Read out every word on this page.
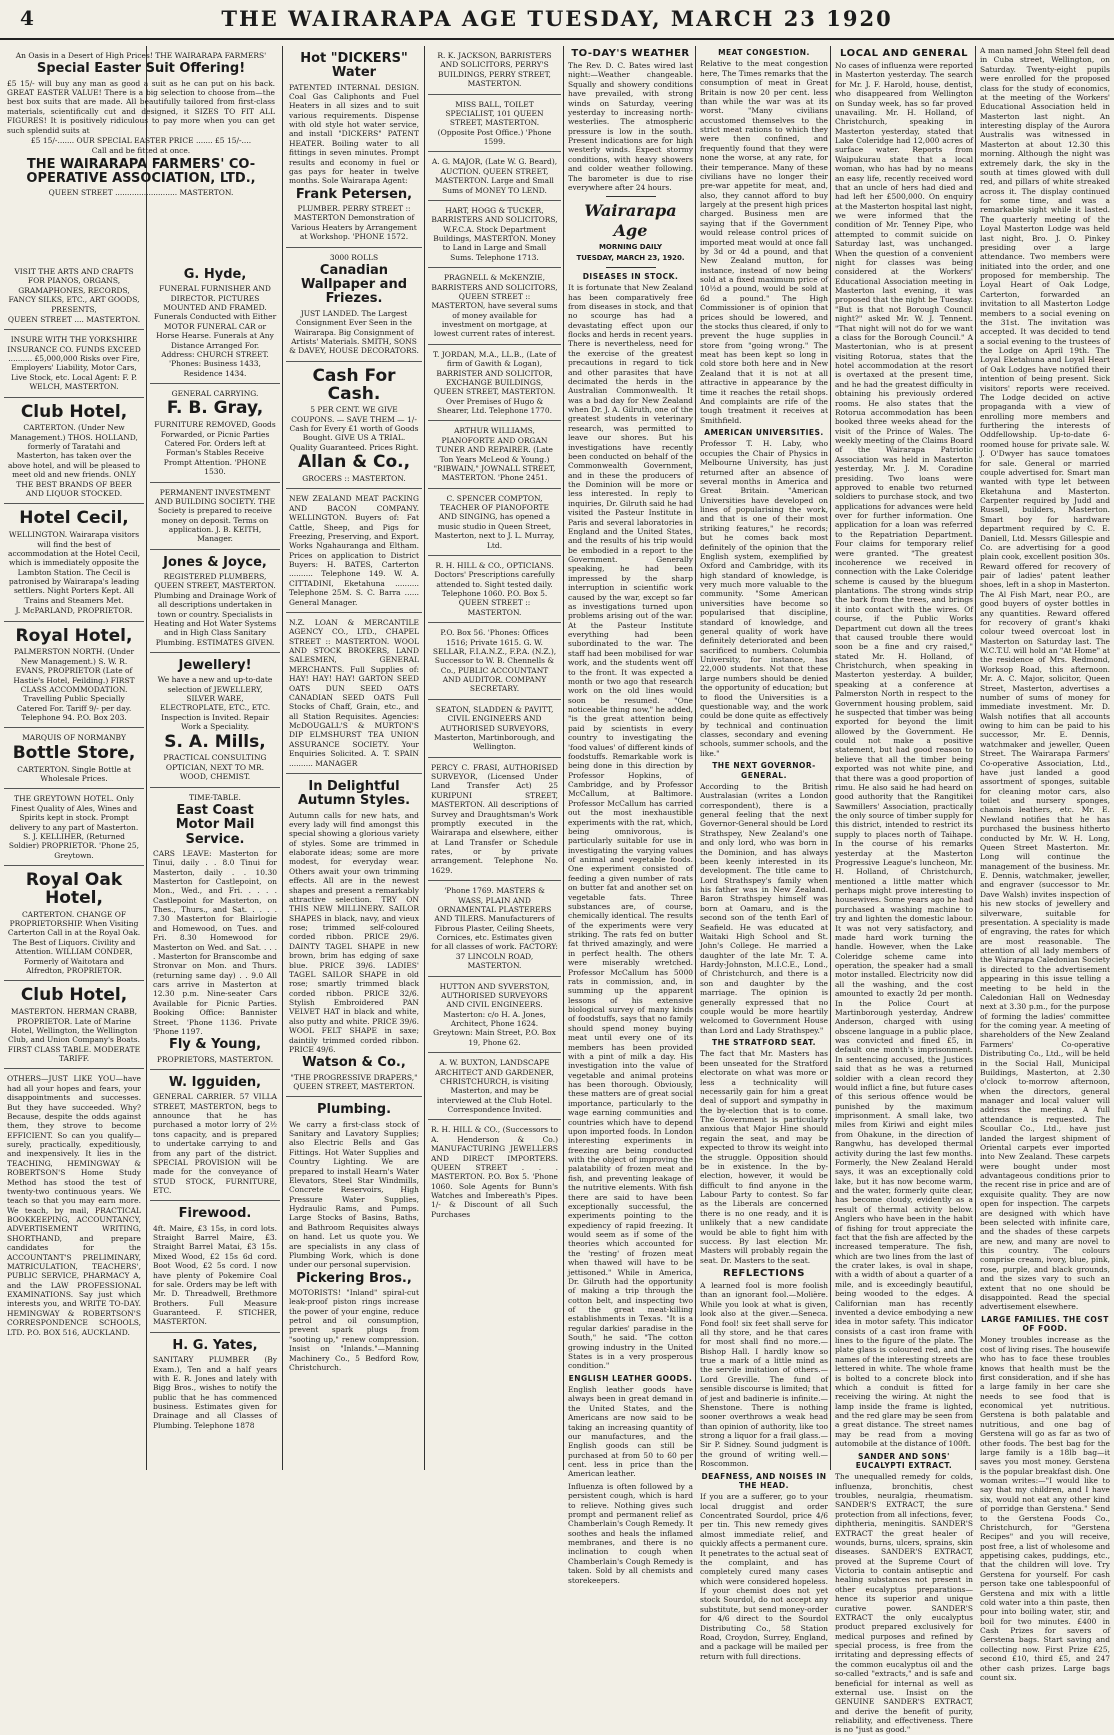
4	THE WAIRARAPA AGE TUESDAY, MARCH 23 1920

An Oasis in a Desert of High Prices! THE WAIRARAPA FARMERS'

Special Easter Suit Offering!

£5 15/- will buy any man as good a suit as he can put on his back. GREAT EASTER VALUE! There is a big selection to choose from—the best box suits that are made. All beautifully tailored from first-class materials, scientifically cut and designed, it SIZES TO FIT ALL FIGURES! It is positively ridiculous to pay more when you can get such splendid suits at

£5 15/-....... OUR SPECIAL EASTER PRICE ....... £5 15/-....

Call and be fitted at once.

THE WAIRARAPA FARMERS' CO-OPERATIVE ASSOCIATION, LTD.,

QUEEN STREET .......................... MASTERTON.

VISIT THE ARTS AND CRAFTS FOR PIANOS, ORGANS, GRAMAPHONES, RECORDS, FANCY SILKS, ETC., ART GOODS, PRESENTS,

QUEEN STREET .... MASTERTON.

INSURE WITH THE YORKSHIRE INSURANCE CO. FUNDS EXCEED .......... £5,000,000 Risks over Fire, Employers' Liability, Motor Cars, Live Stock, etc. Local Agent: F. P. WELCH, MASTERTON.

Club Hotel,

CARTERTON. (Under New Management.) THOS. HOLLAND, formerly of Taratahi and Masterton, has taken over the above hotel, and will be pleased to meet old and new friends. ONLY THE BEST BRANDS OF BEER AND LIQUOR STOCKED.

Hotel Cecil,

WELLINGTON. Wairarapa visitors will find the best of accommodation at the Hotel Cecil, which is immediately opposite the Lambton Station. The Cecil is patronised by Wairarapa's leading settlers. Night Porters Kept. All Trains and Steamers Met.

J. McPARLAND, PROPRIETOR.

Royal Hotel,

PALMERSTON NORTH. (Under New Management.) S. W. R. EVANS, PROPRIETOR (Late of Hastie's Hotel, Feilding.) FIRST CLASS ACCOMMODATION. Travelling Public Specially Catered For. Tariff 9/- per day. Telephone 94. P.O. Box 203.

MARQUIS OF NORMANBY

Bottle Store,

CARTERTON. Single Bottle at Wholesale Prices.

THE GREYTOWN HOTEL. Only Finest Quality of Ales, Wines and Spirits kept in stock. Prompt delivery to any part of Masterton. S. J. KELLIHER, (Returned Soldier) PROPRIETOR. 'Phone 25, Greytown.

Royal Oak Hotel,

CARTERTON. CHANGE OF PROPRIETORSHIP. When Visiting Carterton Call in at the Royal Oak. The Best of Liquors. Civility and Attention. WILLIAM CONDER, Formerly of Waitotara and Alfredton, PROPRIETOR.

Club Hotel,

MASTERTON. HERMAN CRABB, PROPRIETOR. Late of Marine Hotel, Wellington, the Wellington Club, and Union Company's Boats. FIRST CLASS TABLE. MODERATE TARIFF.

OTHERS—JUST LIKE YOU—have had all your hopes and fears, your disappointments and successes. But they have succeeded. Why? Because, despite the odds against them, they strove to become EFFICIENT. So can you qualify—surely, practically, expeditiously, and inexpensively. It lies in the TEACHING, HEMINGWAY & ROBERTSON'S Home Study Method has stood the test of twenty-two continuous years. We teach so that you may earn more. We teach, by mail, PRACTICAL BOOKKEEPING, ACCOUNTANCY, ADVERTISEMENT WRITING, SHORTHAND, and prepare candidates for the ACCOUNTANT'S PRELIMINARY, MATRICULATION, TEACHERS', PUBLIC SERVICE, PHARMACY A, and the LAW PROFESSIONAL EXAMINATIONS. Say just which interests you, and WRITE TO-DAY. HEMINGWAY & ROBERTSON'S CORRESPONDENCE SCHOOLS, LTD. P.O. BOX 516, AUCKLAND.

G. Hyde,

FUNERAL FURNISHER AND DIRECTOR. PICTURES MOUNTED AND FRAMED. Funerals Conducted with Either MOTOR FUNERAL CAR or Horse Hearse. Funerals at Any Distance Arranged For. Address: CHURCH STREET. 'Phones: Business 1433, Residence 1434.

GENERAL CARRYING.

F. B. Gray,

FURNITURE REMOVED, Goods Forwarded, or Picnic Parties Catered For. Orders left at Forman's Stables Receive Prompt Attention. 'PHONE 1530.

PERMANENT INVESTMENT AND BUILDING SOCIETY. THE Society is prepared to receive money on deposit. Terms on application. J. B. KEITH, Manager.

Jones & Joyce,

REGISTERED PLUMBERS, QUEEN STREET, MASTERTON. Plumbing and Drainage Work of all descriptions undertaken in town or country. Specialists in Heating and Hot Water Systems and in High Class Sanitary Plumbing. ESTIMATES GIVEN.

Jewellery!

We have a new and up-to-date selection of JEWELLERY, SILVER WARE, ELECTROPLATE, ETC., ETC. Inspection is Invited. Repair Work a Speciality.

S. A. Mills,

PRACTICAL CONSULTING OPTICIAN, NEXT TO MR. WOOD, CHEMIST.

TIME-TABLE.

East Coast Motor Mail Service.

CARS LEAVE: Masterton for Tinui, daily . . 8.0 Tinui for Masterton, daily . . 10.30 Masterton for Castlepoint, on Mon., Wed., and Fri. . . . . Castlepoint for Masterton, on Thes., Thurs., and Sat. . . . . 7.30 Masterton for Blairlogie and Homewood, on Tues. and Fri. 8.30 Homewood for Masterton on Wed. and Sat. . . . . Masterton for Branscombe and Stronvar on Mon. and Thurs. (returning same day) . . 9.0 All cars arrive in Masterton at 12.30 p.m. Nine-seater Cars Available for Picnic Parties. Booking Office: Bannister Street. 'Phone 1136. Private 'Phone 1197.

Fly & Young,

PROPRIETORS, MASTERTON.

W. Igguiden,

GENERAL CARRIER. 57 VILLA STREET, MASTERTON, begs to announce that he has purchased a motor lorry of 2½ tons capacity, and is prepared to undertake carrying to and from any part of the district. SPECIAL PROVISION will be made for the conveyance of STUD STOCK, FURNITURE, ETC.

Firewood.

4ft. Maire, £3 15s, in cord lots. Straight Barrel Maire, £3. Straight Barrel Matai, £3 15s. Mixed Wood, £2 15s 6d cord. Boot Wood, £2 5s cord. I now have plenty of Pokemire Coal for sale. Orders may be left with Mr. D. Threadwell, Brethmore Brothers. Full Measure Guaranteed. F. STICHER, MASTERTON.

H. G. Yates,

SANITARY PLUMBER (By Exam.), Ten and a half years with E. R. Jones and lately with Bigg Bros., wishes to notify the public that he has commenced business. Estimates given for Drainage and all Classes of Plumbing. Telephone 1878

Hot "DICKERS" Water

PATENTED INTERNAL DESIGN. Coal Gas Caliphonts and Fuel Heaters in all sizes and to suit various requirements. Dispense with old style hot water service, and install "DICKERS" PATENT HEATER. Boiling water to all fittings in seven minutes. Prompt results and economy in fuel or gas pays for heater in twelve months. Sole Wairarapa Agent:

Frank Petersen,

PLUMBER. PERRY STREET :: MASTERTON Demonstration of Various Heaters by Arrangement at Workshop. 'PHONE 1572.

3000 ROLLS

Canadian Wallpaper and Friezes.

JUST LANDED. The Largest Consignment Ever Seen in the Wairarapa. Big Consignment of Artists' Materials. SMITH, SONS & DAVEY, HOUSE DECORATORS.

Cash For Cash.

5 PER CENT. WE GIVE COUPONS. — SAVE THEM — 1/- Cash for Every £1 worth of Goods Bought. GIVE US A TRIAL. Quality Guaranteed. Prices Right.

Allan & Co.,

GROCERS :: MASTERTON.

NEW ZEALAND MEAT PACKING AND BACON COMPANY. WELLINGTON. Buyers of: Fat Cattle, Sheep, and Pigs for Freezing, Preserving, and Export. Works Ngahauranga and Eltham. Prices on application to District Buyers: H. BATES, Carterton .......... Telephone 149. W. A. CITTADINI, Eketahuna .......... Telephone 25M. S. C. Barra ...... General Manager.

N.Z. LOAN & MERCANTILE AGENCY CO., LTD., CHAPEL STREET :: MASTERTON. WOOL AND STOCK BROKERS, LAND SALESMEN, GENERAL MERCHANTS. Full Supplies of: HAY! HAY! HAY! GARTON SEED OATS DUN SEED OATS CANADIAN SEED OATS Full Stocks of Chaff, Grain, etc., and all Station Requisites. Agencies: McDOUGALL'S & MURTON'S DIP ELMSHURST TEA UNION ASSURANCE SOCIETY. Your Enquiries Solicited. A. T. SPAIN .......... MANAGER

In Delightful Autumn Styles.

Autumn calls for new hats, and every lady will find amongst this special showing a glorious variety of styles. Some are trimmed in elaborate ideas; some are more modest, for everyday wear. Others await your own trimming effects. All are in the newest shapes and present a remarkably attractive selection. TRY ON THIS NEW MILLINERY. SAILOR SHAPES in black, navy, and vieux rose; trimmed self-coloured corded ribbon. PRICE 29/6. DAINTY TAGEL SHAPE in new brown, brim has edging of saxe blue. PRICE 39/6. LADIES' TAGEL SAILOR SHAPE in old rose; smartly trimmed black corded ribbon. PRICE 32/6. Stylish Embroidered PAN VELVET HAT in black and white, also putty and white. PRICE 39/6. WOOL FELT SHAPE in saxe; daintily trimmed corded ribbon. PRICE 49/6.

Watson & Co.,

"THE PROGRESSIVE DRAPERS," QUEEN STREET, MASTERTON.

Plumbing.

We carry a first-class stock of Sanitary and Lavatory Supplies; also Electric Bells and Gas Fittings. Hot Water Supplies and Country Lighting. We are prepared to install Hearn's Water Elevators, Steel Star Windmills, Concrete Reservoirs, High Pressure Water Supplies, Hydraulic Rams, and Pumps. Large Stocks of Basins, Baths, and Bathroom Requisites always on hand. Let us quote you. We are specialists in any class of Plumbing Work, which is done under our personal supervision.

Pickering Bros.,

MOTORISTS! "Inland" spiral-cut leak-proof piston rings increase the power of your engine, reduce petrol and oil consumption, prevent spark plugs from "sooting up," renew compression. Insist on "Inlands."—Manning Machinery Co., 5 Bedford Row, Christchurch.

R. K. JACKSON, BARRISTERS AND SOLICITORS, PERRY'S BUILDINGS, PERRY STREET, MASTERTON.

MISS BALL, TOILET SPECIALIST, 101 QUEEN STREET, MASTERTON. (Opposite Post Office.) 'Phone 1599.

A. G. MAJOR, (Late W. G. Beard), AUCTION. QUEEN STREET, MASTERTON. Large and Small Sums of MONEY TO LEND.

HART, HOGG & TUCKER, BARRISTERS AND SOLICITORS, W.F.C.A. Stock Department Buildings, MASTERTON. Money to Land in Large and Small Sums. Telephone 1713.

PRAGNELL & McKENZIE, BARRISTERS AND SOLICITORS, QUEEN STREET :: MASTERTON, have several sums of money available for investment on mortgage, at lowest current rates of interest.

T. JORDAN, M.A., LL.B., (Late of firm of Gawith & Logan), BARRISTER AND SOLICITOR, EXCHANGE BUILDINGS, QUEEN STREET, MASTERTON. Over Premises of Hugo & Shearer, Ltd. Telephone 1770.

ARTHUR WILLIAMS, PIANOFORTE AND ORGAN TUNER AND REPAIRER. (Late Ton Years McLeod & Young.) "RIBWAIN," JOWNALL STREET, MASTERTON. 'Phone 2451.

C. SPENCER COMPTON, TEACHER OF PIANOFORTE AND SINGING, has opened a music studio in Queen Street, Masterton, next to J. L. Murray, Ltd.

R. H. HILL & CO., OPTICIANS. Doctors' Prescriptions carefully attended to. Sight tested daily. Telephone 1060. P.O. Box 5. QUEEN STREET :: MASTERTON.

P.O. Box 56. 'Phones: Offices 1516; Private 1615. G. W. SELLAR, F.I.A.N.Z., F.P.A. (N.Z.), Successor to W. B. Chennells & Co., PUBLIC ACCOUNTANT AND AUDITOR. COMPANY SECRETARY.

SEATON, SLADDEN & PAVITT, CIVIL ENGINEERS AND AUTHORISED SURVEYORS, Masterton, Martinborough, and Wellington.

PERCY C. FRASI, AUTHORISED SURVEYOR, (Licensed Under Land Transfer Act) 25 KURIPUNI STREET, MASTERTON. All descriptions of Survey and Draughtsman's Work promptly executed in the Wairarapa and elsewhere, either at Land Transfer or Schedule rates, or by private arrangement. Telephone No. 1629.

'Phone 1769. MASTERS & WASS, PLAIN AND ORNAMENTAL PLASTERERS AND TILERS. Manufacturers of Fibrous Plaster, Ceiling Sheets, Cornices, etc. Estimates given for all classes of work. FACTORY: 37 LINCOLN ROAD, MASTERTON.

HUTTON AND SYVERSTON, AUTHORISED SURVEYORS AND CIVIL ENGINEERS. Masterton: c/o H. A. Jones, Architect, Phone 1624. Greytown: Main Street, P.O. Box 19, Phone 62.

A. W. BUXTON, LANDSCAPE ARCHITECT AND GARDENER, CHRISTCHURCH, is visiting Masterton, and may be interviewed at the Club Hotel. Correspondence Invited.

R. H. HILL & CO., (Successors to A. Henderson & Co.) MANUFACTURING JEWELLERS AND DIRECT IMPORTERS. QUEEN STREET . . . MASTERTON. P.O. Box 5. 'Phone 1060. Sole Agents for Bunn's Watches and Imbereath's Pipes. 1/- & Discount of all Such Purchases

TO-DAY'S WEATHER

The Rev. D. C. Bates wired last night:—Weather changeable. Squally and showery conditions have prevailed, with strong winds on Saturday, veering yesterday to increasing north-westerlies. The atmospheric pressure is low in the south. Present indications are for high westerly winds. Expect stormy conditions, with heavy showers and colder weather following. The barometer is due to rise everywhere after 24 hours.

Wairarapa Age
MORNING DAILY
TUESDAY, MARCH 23, 1920.
DISEASES IN STOCK.

It is fortunate that New Zealand has been comparatively free from diseases in stock, and that no scourge has had a devastating effect upon our flocks and herds in recent years. There is nevertheless, need for the exercise of the greatest precautions in regard to tick and other parasites that have decimated the herds in the Australian Commonwealth. It was a bad day for New Zealand when Dr. J. A. Gilruth, one of the greatest students in veterinary research, was permitted to leave our shores. But his investigations have recently been conducted on behalf of the Commonwealth Government, and in these the producers of the Dominion will be more or less interested. In reply to inquiries, Dr. Gilruth said he had visited the Pasteur Institute in Paris and several laboratories in England and the United States, and the results of his trip would be embodied in a report to the Government. Generally speaking, he had been impressed by the sharp interruption in scientific work caused by the war, except so far as investigations turned upon problems arising out of the war. At the Pasteur Institute everything had been subordinated to the war. The staff had been mobilised for war work, and the students went off to the front. It was expected a month or two ago that research work on the old lines would soon be resumed. "One noticeable thing now," he added, "is the great attention being paid by scientists in every country to investigating the 'food values' of different kinds of foodstuffs. Remarkable work is being done in this direction by Professor Hopkins, of Cambridge, and by Professor McCallum, at Baltimore. Professor McCallum has carried out the most inexhaustible experiments with the rat, which, being omnivorous, is particularly suitable for use in investigating the varying values of animal and vegetable foods. One experiment consisted of feeding a given number of rats on butter fat and another set on vegetable fats. Three substances are, of course, chemically identical. The results of the experiments were very striking. The rats fed on butter fat thrived amazingly, and were in perfect health. The others were miserably wretched. Professor McCallum has 5000 rats in commission, and, in summing up the apparent lessons of his extensive biological survey of many kinds of foodstuffs, says that no family should spend money buying meat until every one of its members has been provided with a pint of milk a day. His investigation into the value of vegetable and animal proteins has been thorough. Obviously, these matters are of great social importance, particularly to the wage earning communities and countries which have to depend upon imported foods. In London interesting experiments in freezing are being conducted with the object of improving the palatability of frozen meat and fish, and preventing leakage of the nutritive elements. With fish there are said to have been exceptionally successful, the experiments pointing to the expediency of rapid freezing. It would seem as if some of the theories which accounted for the 'resting' of frozen meat when thawed will have to be jettisoned." While in America, Dr. Gilruth had the opportunity of making a trip through the cotton belt, and inspecting two of the great meat-killing establishments in Texas. "It is a regular darkies' paradise in the South," he said. "The cotton growing industry in the United States is in a very prosperous condition."

ENGLISH LEATHER GOODS.

English leather goods have always been in great demand in the United States, and the Americans are now said to be taking an increasing quantity of our manufactures, and the English goods can still be purchased at from 50 to 60 per cent. less in price than the American leather.

Influenza is often followed by a persistent cough, which is hard to relieve. Nothing gives such prompt and permanent relief as Chamberlain's Cough Remedy. It soothes and heals the inflamed membranes, and there is no inclination to cough when Chamberlain's Cough Remedy is taken. Sold by all chemists and storekeepers.

MEAT CONGESTION.

Relative to the meat congestion here, The Times remarks that the consumption of meat in Great Britain is now 20 per cent. less than while the war was at its worst. "Many civilians accustomed themselves to the strict meat rations to which they were then confined, and frequently found that they were none the worse, at any rate, for their temperance. Many of these civilians have no longer their pre-war appetite for meat, and, also, they cannot afford to buy largely at the present high prices charged. Business men are saying that if the Government would release control prices of imported meat would at once fall by 3d or 4d a pound, and that New Zealand mutton, for instance, instead of now being sold at a fixed maximum price of 10½d a pound, would be sold at 6d a pound." The High Commissioner is of opinion that prices should be lowered, and the stocks thus cleared, if only to prevent the huge supplies in store from "going wrong." The meat has been kept so long in cold store both here and in New Zealand that it is not at all attractive in appearance by the time it reaches the retail shops. And complaints are rife of the tough treatment it receives at Smithfield.

AMERICAN UNIVERSITIES.

Professor T. H. Laby, who occupies the Chair of Physics in Melbourne University, has just returned after an absence of several months in America and Great Britain. "American Universities have developed on lines of popularising the work, and that is one of their most striking features," he records; but he comes back most definitely of the opinion that the English system, exemplified by Oxford and Cambridge, with its high standard of knowledge, is very much more valuable to the community. "Some American universities have become so popularised that discipline, standard of knowledge, and general quality of work have definitely deteriorated and been sacrificed to numbers. Columbia University, for instance, has 22,000 students. Not that these large numbers should be denied the opportunity of education; but to flood the Universities is a questionable way, and the work could be done quite as effectively by technical and continuation classes, secondary and evening schools, summer schools, and the like."

THE NEXT GOVERNOR-GENERAL.

According to the British Australasian (writes a London correspondent), there is a general feeling that the next Governor-General should be Lord Strathspey, New Zealand's one and only lord, who was born in the Dominion, and has always been keenly interested in its development. The title came to Lord Strathspey's family when his father was in New Zealand. Baron Strathspey himself was born at Oamaru, and is the second son of the tenth Earl of Seafield. He was educated at Waitaki High School and St. John's College. He married a daughter of the late Mr. T. A. Hardy-Johnston, M.I.C.E., Lond., of Christchurch, and there is a son and daughter by the marriage. The opinion is generally expressed that no couple would be more heartily welcomed to Government House than Lord and Lady Strathspey."

THE STRATFORD SEAT.

The fact that Mr. Masters has been unseated for the Stratford electorate on what was more or less a technicality will necessarily gain for him a great deal of support and sympathy in the by-election that is to come. The Government is particularly anxious that Major Hine should regain the seat, and may be expected to throw its weight into the struggle. Opposition should be in existence. In the by-election, however, it would be difficult to find anyone in the Labour Party to contest. So far as the Liberals are concerned there is no one ready, and it is unlikely that a new candidate would be able to fight him with success. By last election Mr. Masters will probably regain the seat. Dr. Masters to the seat.

REFLECTIONS

A learned fool is more foolish than an ignorant fool.—Molière. While you look at what is given, look also at the giver.—Seneca. Fond fool! six feet shall serve for all thy store, and he that cares for most shall find no more.—Bishop Hall. I hardly know so true a mark of a little mind as the servile imitation of others.—Lord Greville. The fund of sensible discourse is limited; that of jest and badinerie is infinite.—Shenstone. There is nothing sooner overthrows a weak head than opinion of authority, like too strong a liquor for a frail glass.—Sir P. Sidney. Sound judgment is the ground of writing well.—Roscommon.

DEAFNESS, AND NOISES IN THE HEAD.

If you are a sufferer, go to your local druggist and order Concentrated Sourdol, price 4/6 per tin. This new remedy gives almost immediate relief, and quickly affects a permanent cure. It penetrates to the actual seat of the complaint, and has completely cured many cases which were considered hopeless. If your chemist does not yet stock Sourdol, do not accept any substitute, but send money-order for 4/6 direct to the Sourdol Distributing Co., 58 Station Road, Croydon, Surrey, England, and a package will be mailed per return with full directions.

LOCAL AND GENERAL

No cases of influenza were reported in Masterton yesterday. The search for Mr. J. F. Harold, house, dentist, who disappeared from Wellington on Sunday week, has so far proved unavailing. Mr. H. Holland, of Christchurch, speaking in Masterton yesterday, stated that Lake Coleridge had 12,000 acres of surface water. Reports from Waipukurau state that a local woman, who has had by no means an easy life, recently received word that an uncle of hers had died and had left her £500,000. On enquiry at the Masterton hospital last night, we were informed that the condition of Mr. Tenney Pipe, who attempted to commit suicide on Saturday last, was unchanged. When the question of a convenient night for classes was being considered at the Workers' Educational Association meeting in Masterton last evening, it was proposed that the night be Tuesday. "But is that not Borough Council night?" asked Mr. W. J. Tennent. "That night will not do for we want a class for the Borough Council." A Mastertonian, who is at present visiting Rotorua, states that the hotel accommodation at the resort is overtaxed at the present time, and he had the greatest difficulty in obtaining his previously ordered rooms. He also states that the Rotorua accommodation has been booked three weeks ahead for the visit of the Prince of Wales. The weekly meeting of the Claims Board of the Wairarapa Patriotic Association was held in Masterton yesterday, Mr. J. M. Coradine presiding. Two loans were approved to enable two returned soldiers to purchase stock, and two applications for advances were held over for further information. One application for a loan was referred to the Repatriation Department. Four claims for temporary relief were granted. "The greatest incoherence we received in connection with the Lake Coleridge scheme is caused by the bluegum plantations. The strong winds strip the bark from the trees, and brings it into contact with the wires. Of course, if the Public Works Department cut down all the trees that caused trouble there would soon be a fine and cry raised," stated Mr. H. Holland, of Christchurch, when speaking in Masterton yesterday. A builder, speaking at a conference at Palmerston North in respect to the Government housing problem, said he suspected that timber was being exported for beyond the limit allowed by the Government. He could not make a positive statement, but had good reason to believe that all the timber being exported was not white pine, and that there was a good proportion of rimu. He also said he had heard on good authority that the Rangitikei Sawmillers' Association, practically the only source of timber supply for this district, intended to restrict its supply to places north of Taihape. In the course of his remarks yesterday at the Masterton Progressive League's luncheon, Mr. H. Holland, of Christchurch, mentioned a little matter which perhaps might prove interesting to housewives. Some years ago he had purchased a washing machine to try and lighten the domestic labour. It was not very satisfactory, and made hard work turning the handle. However, when the Lake Coleridge scheme came into operation, the speaker had a small motor installed. Electricity now did all the washing, and the cost amounted to exactly 2d per month. In the Police Court at Martinborough yesterday, Andrew Anderson, charged with using obscene language in a public place, was convicted and fined £5, in default one month's imprisonment. In sentencing accused, the Justices said that as he was a returned soldier with a clean record they would inflict a fine, but future cases of this serious offence would be punished by the maximum imprisonment. A small lake, two miles from Kiriwi and eight miles from Ohakune, in the direction of Rangwhu, has developed thermal activity during the last few months. Formerly, the New Zealand Herald says, it was an exceptionally cold lake, but it has now become warm, and the water, formerly quite clear, has become cloudy, evidently as a result of thermal activity below. Anglers who have been in the habit of fishing for trout appreciate the fact that the fish are affected by the increased temperature. The fish, which are two lines from the last of the crater lakes, is oval in shape, with a width of about a quarter of a mile, and is exceedingly beautiful, being wooded to the edges. A Californian man has recently invented a device embodying a new idea in motor safety. This indicator consists of a cast iron frame with lines to the figure of the plate. The plate glass is coloured red, and the names of the interesting streets are lettered in white. The whole frame is bolted to a concrete block into which a conduit is fitted for receiving the wiring. At night the lamp inside the frame is lighted, and the red glare may be seen from a great distance. The street names may be read from a moving automobile at the distance of 100ft.

SANDER AND SONS' EUCALYPTI EXTRACT.

The unequalled remedy for colds, influenza, bronchitis, chest troubles, neuralgia, rheumatism. SANDER'S EXTRACT, the sure protection from all infections, fever, diphtheria, meningitis. SANDER'S EXTRACT the great healer of wounds, burns, ulcers, sprains, skin diseases. SANDER'S EXTRACT, proved at the Supreme Court of Victoria to contain antiseptic and healing substances not present in other eucalyptus preparations—hence its superior and unique curative power. SANDER'S EXTRACT the only eucalyptus product prepared exclusively for medical purposes and refined by special process, is free from the irritating and depressing effects of the common eucalyptus oil and the so-called "extracts," and is safe and beneficial for internal as well as external use. Insist on the GENUINE SANDER'S EXTRACT, and derive the benefit of purity, reliability, and effectiveness. There is no "just as good."

A man named John Steel fell dead in Cuba street, Wellington, on Saturday. Twenty-eight pupils were enrolled for the proposed class for the study of economics, at the meeting of the Workers' Educational Association held in Masterton last night. An interesting display of the Aurora Australis was witnessed in Masterton at about 12.30 this morning. Although the night was extremely dark, the sky in the south at times glowed with dull red, and pillars of white streaked across it. The display continued for some time, and was a remarkable sight while it lasted. The quarterly meeting of the Loyal Masterton Lodge was held last night, Bro. J. O. Pinkey presiding over a large attendance. Two members were initiated into the order, and one proposed for membership. The Loyal Heart of Oak Lodge, Carterton, forwarded an invitation to all Masterton Lodge members to a social evening on the 31st. The invitation was accepted. It was decided to tend a social evening to the trustees of the Lodge on April 19th. The Loyal Eketahuna and Loyal Heart of Oak Lodges have notified their intention of being present. Sick visitors' reports were received. The Lodge decided on active propaganda with a view of enrolling more members and furthering the interests of Oddfellowship. Up-to-date 6-roomed house for private sale. W. J. O'Dwyer has sauce tomatoes for sale. General or married couple advertised for. Smart man wanted with type let between Eketahuna and Masterton. Carpenter required by Judd and Russell, builders, Masterton. Smart boy for hardware department required by C. E. Daniell, Ltd. Messrs Gillespie and Co. are advertising for a good plain cook, excellent position 30s. Reward offered for recovery of pair of ladies' patent leather shoes, left in a shop in Masterton. The Al Fish Mart, near P.O., are good buyers of oyster bottles in any quantities. Reward offered for recovery of grant's khaki colour tweed overcoat lost in Masterton on Saturday last. The W.C.T.U. will hold an "At Home" at the residence of Mrs. Redmond, Worksop Road, this afternoon. Mr. A. C. Major, solicitor, Queen Street, Masterton, advertises a number of sums of money for immediate investment. Mr. D. Walsh notifies that all accounts owing to him can be paid to his successor, Mr. E. Dennis, watchmaker and jeweller, Queen Street. The Wairarapa Farmers' Co-operative Association, Ltd., have just landed a good assortment of sponges, suitable for cleaning motor cars, also toilet and nursery sponges, chamois leathers, etc. Mr. E. Newland notifies that he has purchased the business hitherto conducted by Mr. W. H. Long, Queen Street Masterton. Mr. Long will continue the management of the business. Mr. E. Dennis, watchmaker, jeweller, and engraver (successor to Mr. Dave Walsh) invites inspection of his new stocks of jewellery and silverware, suitable for presentation. A speciality is made of engraving, the rates for which are most reasonable. The attention of all lady members of the Wairarapa Caledonian Society is directed to the advertisement appearing in this issue telling a meeting to be held in the Caledonian Hall on Wednesday next at 3.30 p.m., for the purpose of forming the ladies' committee for the coming year. A meeting of shareholders of the New Zealand Farmers' Co-operative Distributing Co., Ltd., will be held in the Social Hall, Municipal Buildings, Masterton, at 2.30 o'clock to-morrow afternoon, when the directors, general manager and local valuer will address the meeting. A full attendance is requested. The Scoullar Co., Ltd., have just landed the largest shipment of Oriental carpets ever imported into New Zealand. These carpets were bought under most advantageous conditions prior to the recent rise in price and are of exquisite quality. They are now open for inspection. The carpets are designed with which have been selected with infinite care, and the shades of these carpets are new, and many are novel to this country. The colours comprise cream, ivory, blue, pink, rose, purple, and black grounds, and the sizes vary to such an extent that no one should be disappointed. Read the special advertisement elsewhere.

LARGE FAMILIES. THE COST OF FOOD.

Money troubles increase as the cost of living rises. The housewife who has to face these troubles knows that health must be the first consideration, and if she has a large family in her care she needs to see food that is economical yet nutritious. Gerstena is both palatable and nutritious, and one bag of Gerstena will go as far as two of other foods. The best bag for the large family is a 18lb bag—it saves you most money. Gerstena is the popular breakfast dish. One woman writes:—"I would like to say that my children, and I have six, would not eat any other kind of porridge than Gerstena." Send to the Gerstena Foods Co., Christchurch, for "Gerstena Recipes" and you will receive, post free, a list of wholesome and appetising cakes, puddings, etc., that the children will love. Try Gerstena for yourself. For cash person take one tablespoonful of Gerstena and mix with a little cold water into a thin paste, then pour into boiling water, stir, and boil for two minutes. £400 in Cash Prizes for savers of Gerstena bags. Start saving and collecting now. First Prize £25, second £10, third £5, and 247 other cash prizes. Large bags count six.
